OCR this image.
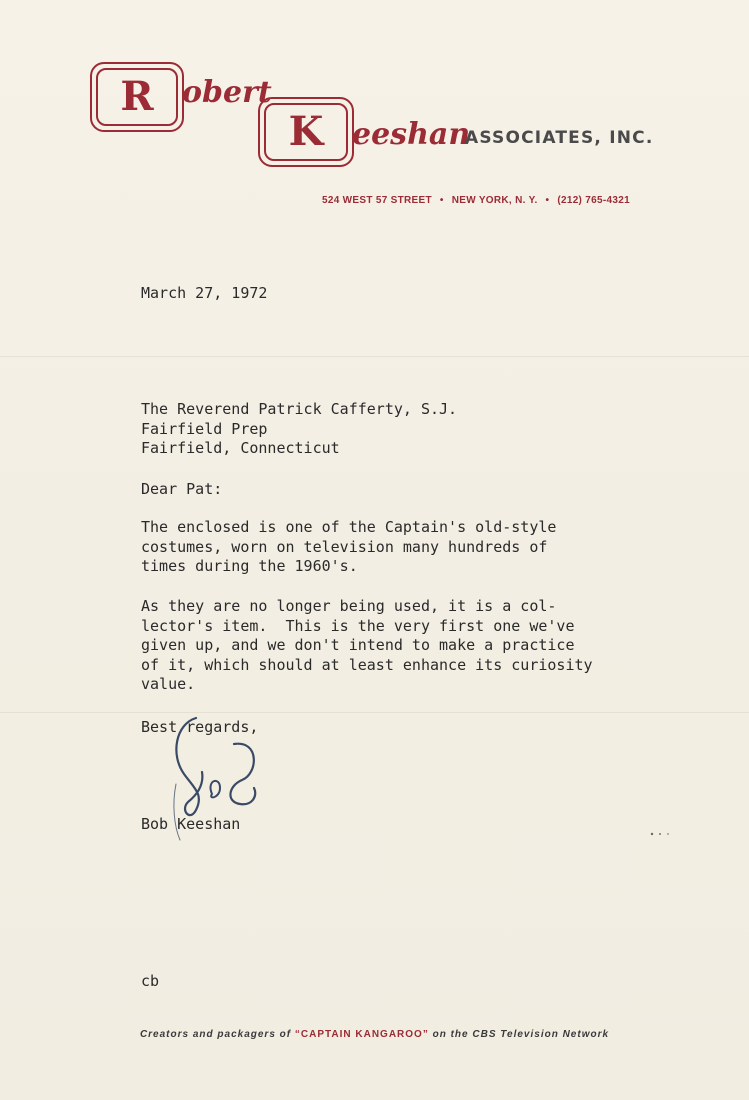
R obert
K eeshan
ASSOCIATES, INC.
524 WEST 57 STREET • NEW YORK, N. Y. • (212) 765-4321
March 27, 1972
The Reverend Patrick Cafferty, S.J.
Fairfield Prep
Fairfield, Connecticut
Dear Pat:
The enclosed is one of the Captain's old-style
costumes, worn on television many hundreds of
times during the 1960's.
As they are no longer being used, it is a col-
lector's item.  This is the very first one we've
given up, and we don't intend to make a practice
of it, which should at least enhance its curiosity
value.
Best regards,
Bob Keeshan
cb
Creators and packagers of “CAPTAIN KANGAROO” on the CBS Television Network
